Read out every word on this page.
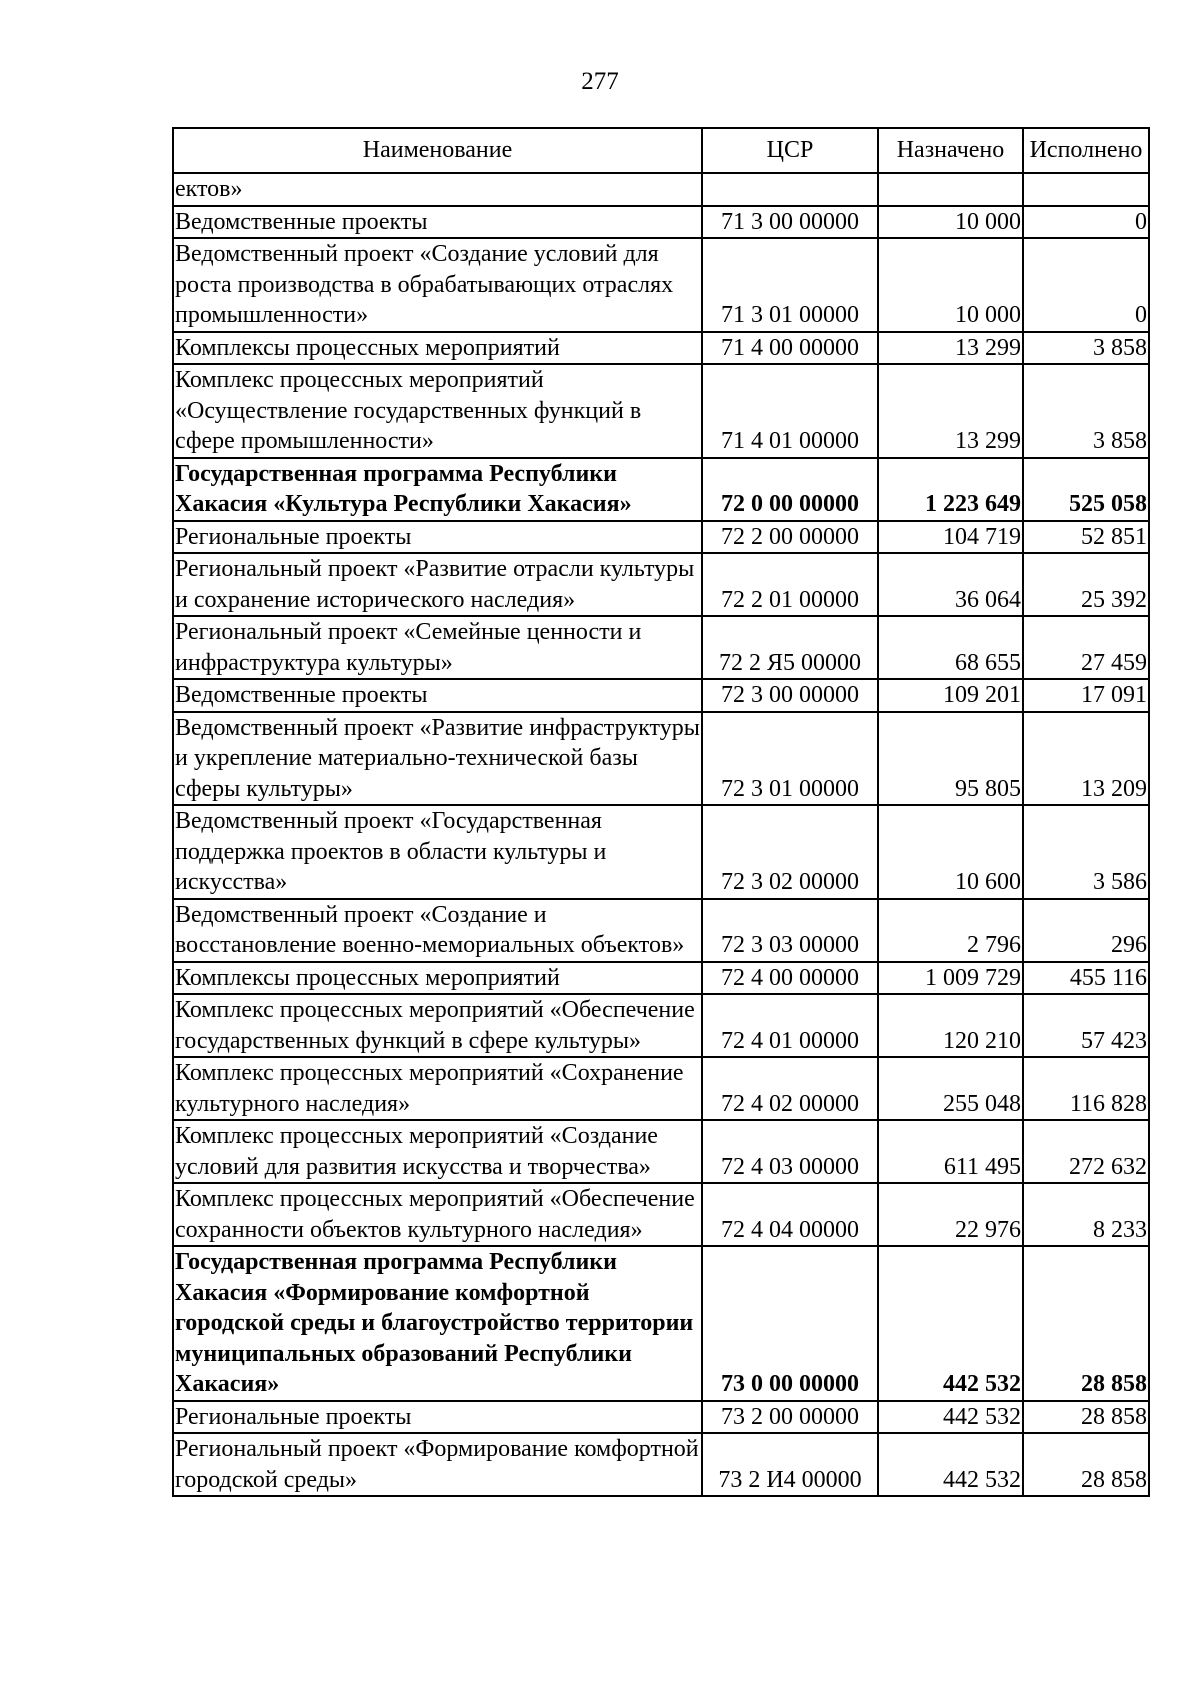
277
Наименование	ЦСР	Назначено	Исполнено
ектов»			
Ведомственные проекты	71 3 00 00000	10 000	0
Ведомственный проект «Создание условий для роста производства в обрабатывающих отраслях промышленности»	71 3 01 00000	10 000	0
Комплексы процессных мероприятий	71 4 00 00000	13 299	3 858
Комплекс процессных мероприятий «Осуществление государственных функций в сфере промышленности»	71 4 01 00000	13 299	3 858
Государственная программа Республики Хакасия «Культура Республики Хакасия»	72 0 00 00000	1 223 649	525 058
Региональные проекты	72 2 00 00000	104 719	52 851
Региональный проект «Развитие отрасли культуры и сохранение исторического наследия»	72 2 01 00000	36 064	25 392
Региональный проект «Семейные ценности и инфраструктура культуры»	72 2 Я5 00000	68 655	27 459
Ведомственные проекты	72 3 00 00000	109 201	17 091
Ведомственный проект «Развитие инфраструктуры и укрепление материально-технической базы сферы культуры»	72 3 01 00000	95 805	13 209
Ведомственный проект «Государственная поддержка проектов в области культуры и искусства»	72 3 02 00000	10 600	3 586
Ведомственный проект «Создание и восстановление военно-мемориальных объектов»	72 3 03 00000	2 796	296
Комплексы процессных мероприятий	72 4 00 00000	1 009 729	455 116
Комплекс процессных мероприятий «Обеспечение государственных функций в сфере культуры»	72 4 01 00000	120 210	57 423
Комплекс процессных мероприятий «Сохранение культурного наследия»	72 4 02 00000	255 048	116 828
Комплекс процессных мероприятий «Создание условий для развития искусства и творчества»	72 4 03 00000	611 495	272 632
Комплекс процессных мероприятий «Обеспечение сохранности объектов культурного наследия»	72 4 04 00000	22 976	8 233
Государственная программа Республики Хакасия «Формирование комфортной городской среды и благоустройство территории муниципальных образований Республики Хакасия»	73 0 00 00000	442 532	28 858
Региональные проекты	73 2 00 00000	442 532	28 858
Региональный проект «Формирование комфортной городской среды»	73 2 И4 00000	442 532	28 858
